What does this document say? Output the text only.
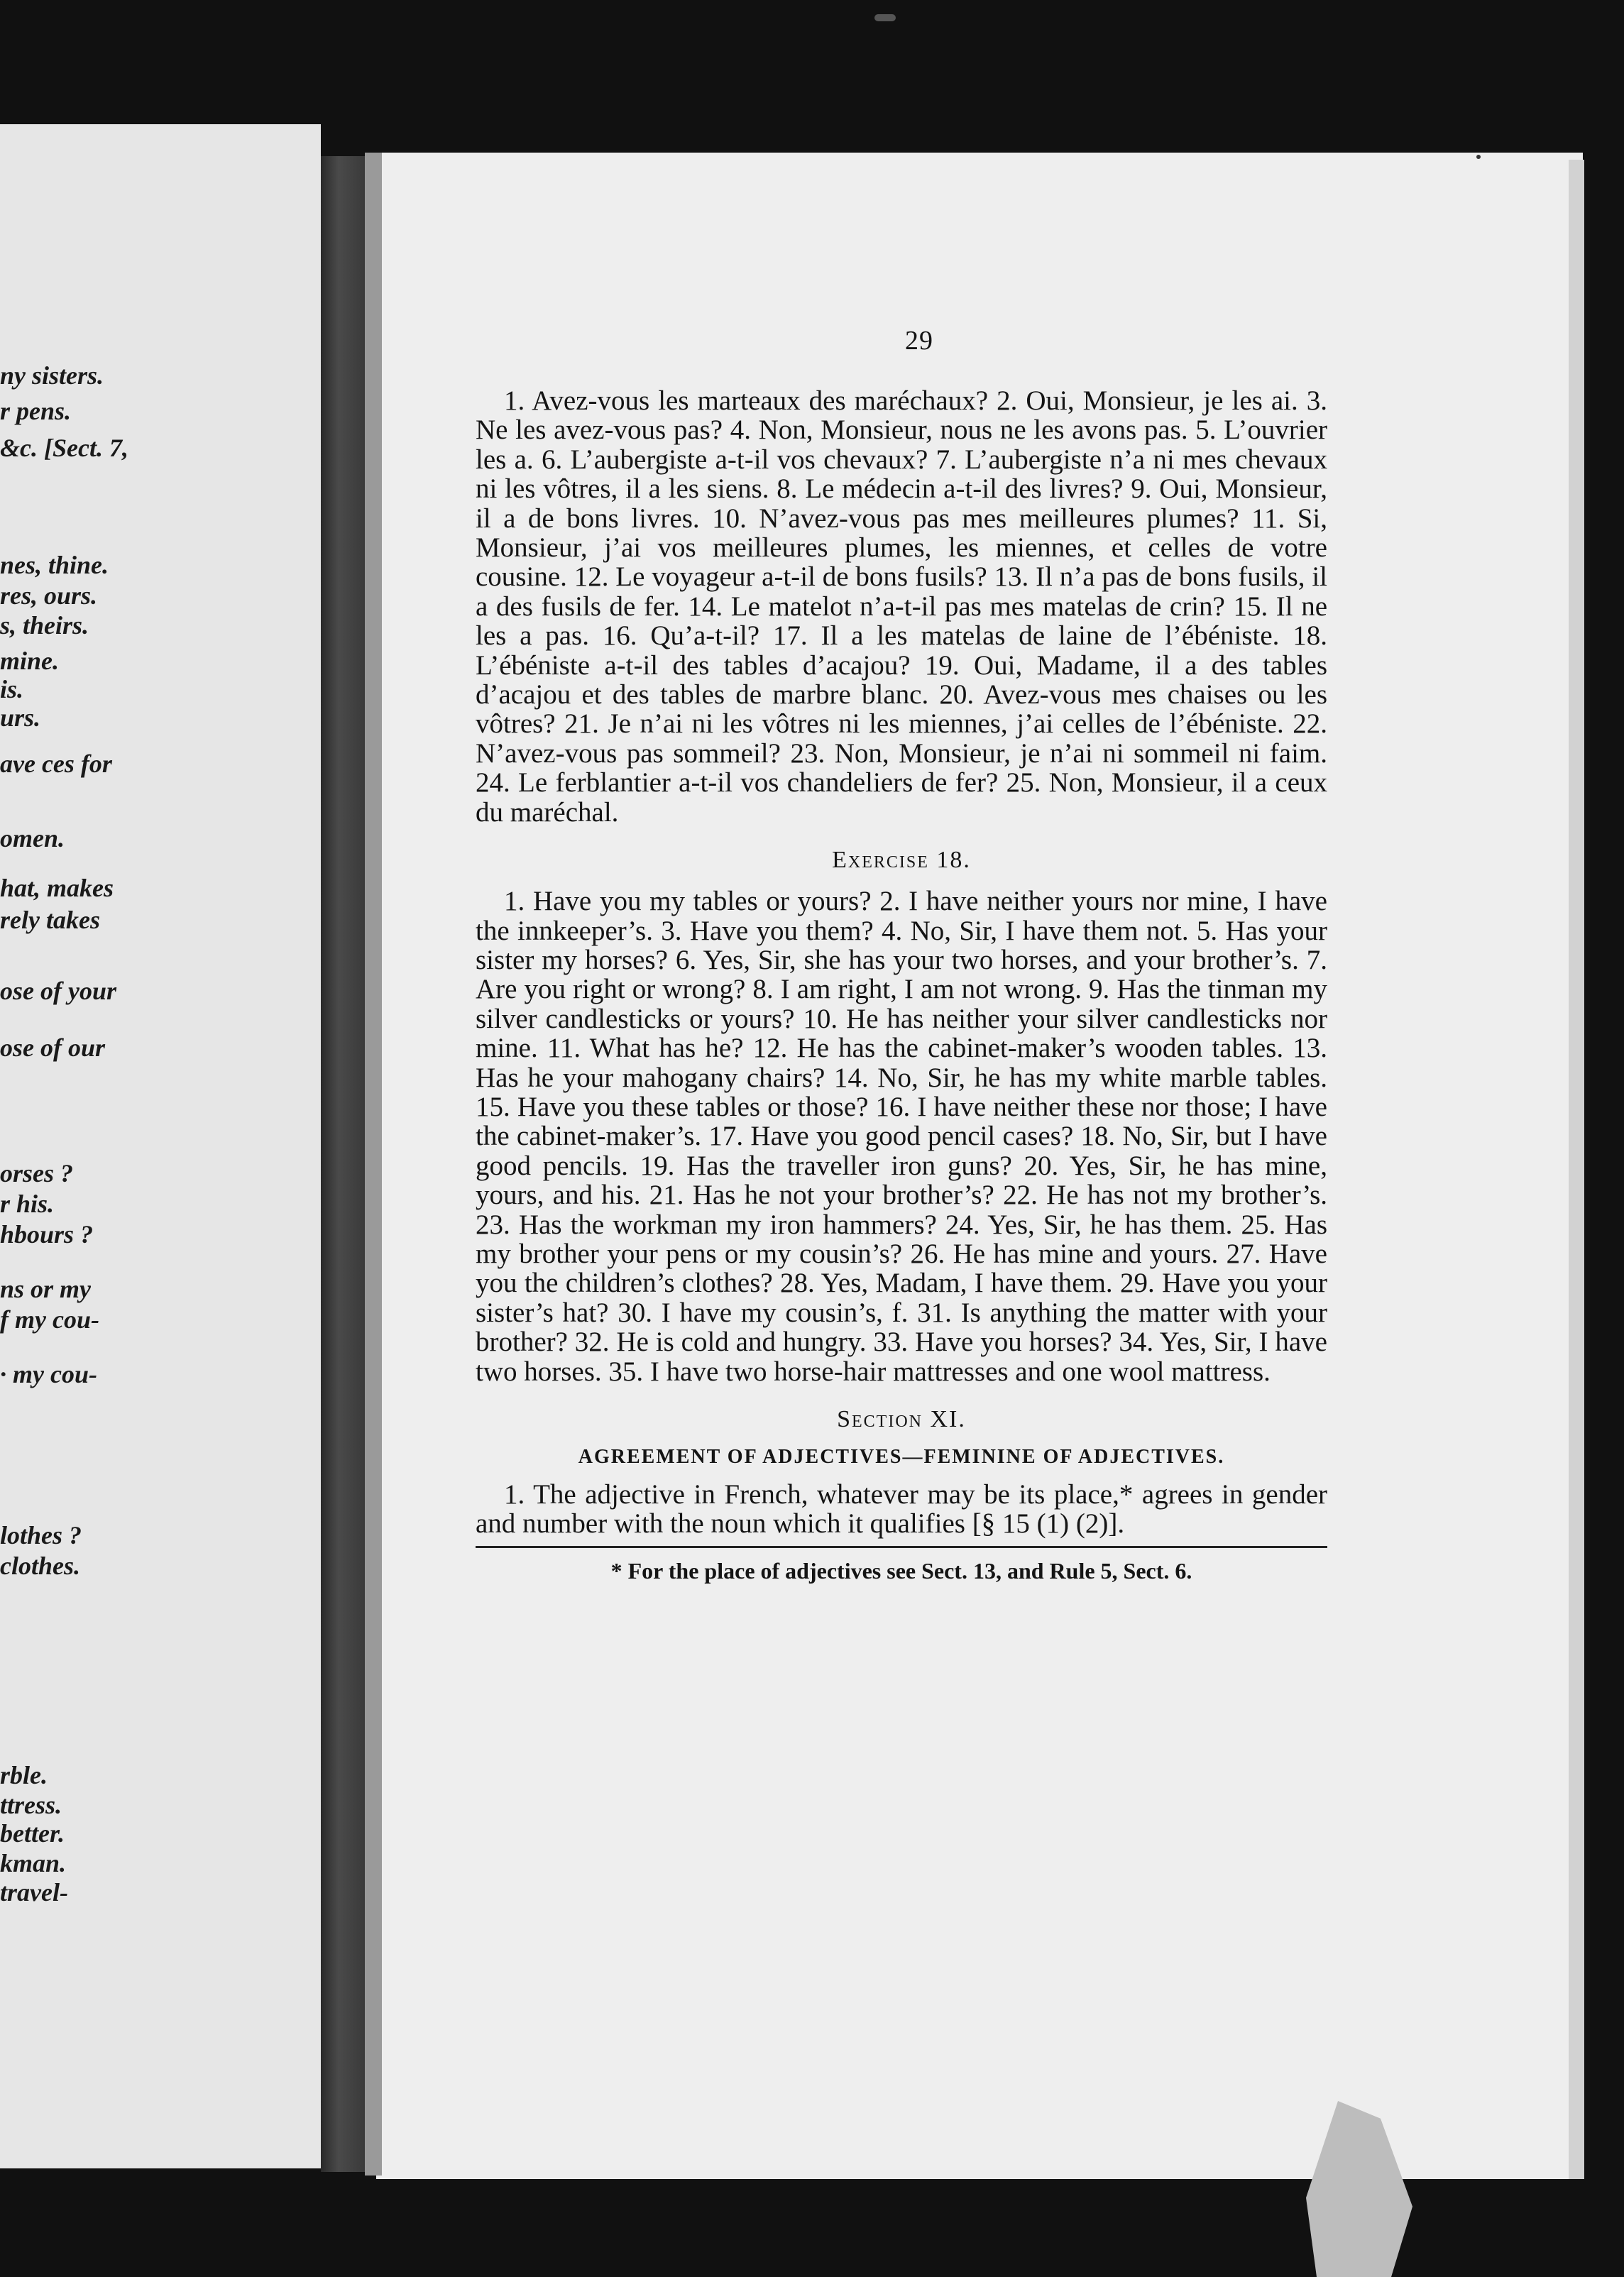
ny sisters.
r pens.
&c. [Sect. 7,
nes, thine.
res, ours.
s, theirs.
mine.
is.
urs.
ave ces for
omen.
hat, makes
rely takes
ose of your
ose of our
orses ?
r his.
hbours ?
ns or my
f my cou-
· my cou-
lothes ?
clothes.
rble.
ttress.
better.
kman.
travel-
29

1. Avez-vous les marteaux des maréchaux? 2. Oui, Monsieur, je les ai. 3. Ne les avez-vous pas? 4. Non, Monsieur, nous ne les avons pas. 5. L’ouvrier les a. 6. L’aubergiste a-t-il vos chevaux? 7. L’aubergiste n’a ni mes chevaux ni les vôtres, il a les siens. 8. Le médecin a-t-il des livres? 9. Oui, Monsieur, il a de bons livres. 10. N’avez-vous pas mes meilleures plumes? 11. Si, Monsieur, j’ai vos meilleures plumes, les miennes, et celles de votre cousine. 12. Le voyageur a-t-il de bons fusils? 13. Il n’a pas de bons fusils, il a des fusils de fer. 14. Le matelot n’a-t-il pas mes matelas de crin? 15. Il ne les a pas. 16. Qu’a-t-il? 17. Il a les matelas de laine de l’ébéniste. 18. L’ébéniste a-t-il des tables d’acajou? 19. Oui, Madame, il a des tables d’acajou et des tables de marbre blanc. 20. Avez-vous mes chaises ou les vôtres? 21. Je n’ai ni les vôtres ni les miennes, j’ai celles de l’ébéniste. 22. N’avez-vous pas sommeil? 23. Non, Monsieur, je n’ai ni sommeil ni faim. 24. Le ferblantier a-t-il vos chandeliers de fer? 25. Non, Monsieur, il a ceux du maréchal.

Exercise 18.

1. Have you my tables or yours? 2. I have neither yours nor mine, I have the innkeeper’s. 3. Have you them? 4. No, Sir, I have them not. 5. Has your sister my horses? 6. Yes, Sir, she has your two horses, and your brother’s. 7. Are you right or wrong? 8. I am right, I am not wrong. 9. Has the tinman my silver candlesticks or yours? 10. He has neither your silver candlesticks nor mine. 11. What has he? 12. He has the cabinet-maker’s wooden tables. 13. Has he your mahogany chairs? 14. No, Sir, he has my white marble tables. 15. Have you these tables or those? 16. I have neither these nor those; I have the cabinet-maker’s. 17. Have you good pencil cases? 18. No, Sir, but I have good pencils. 19. Has the traveller iron guns? 20. Yes, Sir, he has mine, yours, and his. 21. Has he not your brother’s? 22. He has not my brother’s. 23. Has the workman my iron hammers? 24. Yes, Sir, he has them. 25. Has my brother your pens or my cousin’s? 26. He has mine and yours. 27. Have you the children’s clothes? 28. Yes, Madam, I have them. 29. Have you your sister’s hat? 30. I have my cousin’s, f. 31. Is anything the matter with your brother? 32. He is cold and hungry. 33. Have you horses? 34. Yes, Sir, I have two horses. 35. I have two horse-hair mattresses and one wool mattress.

Section XI.
AGREEMENT OF ADJECTIVES—FEMININE OF ADJECTIVES.

1. The adjective in French, whatever may be its place,* agrees in gender and number with the noun which it qualifies [§ 15 (1) (2)].

* For the place of adjectives see Sect. 13, and Rule 5, Sect. 6.
